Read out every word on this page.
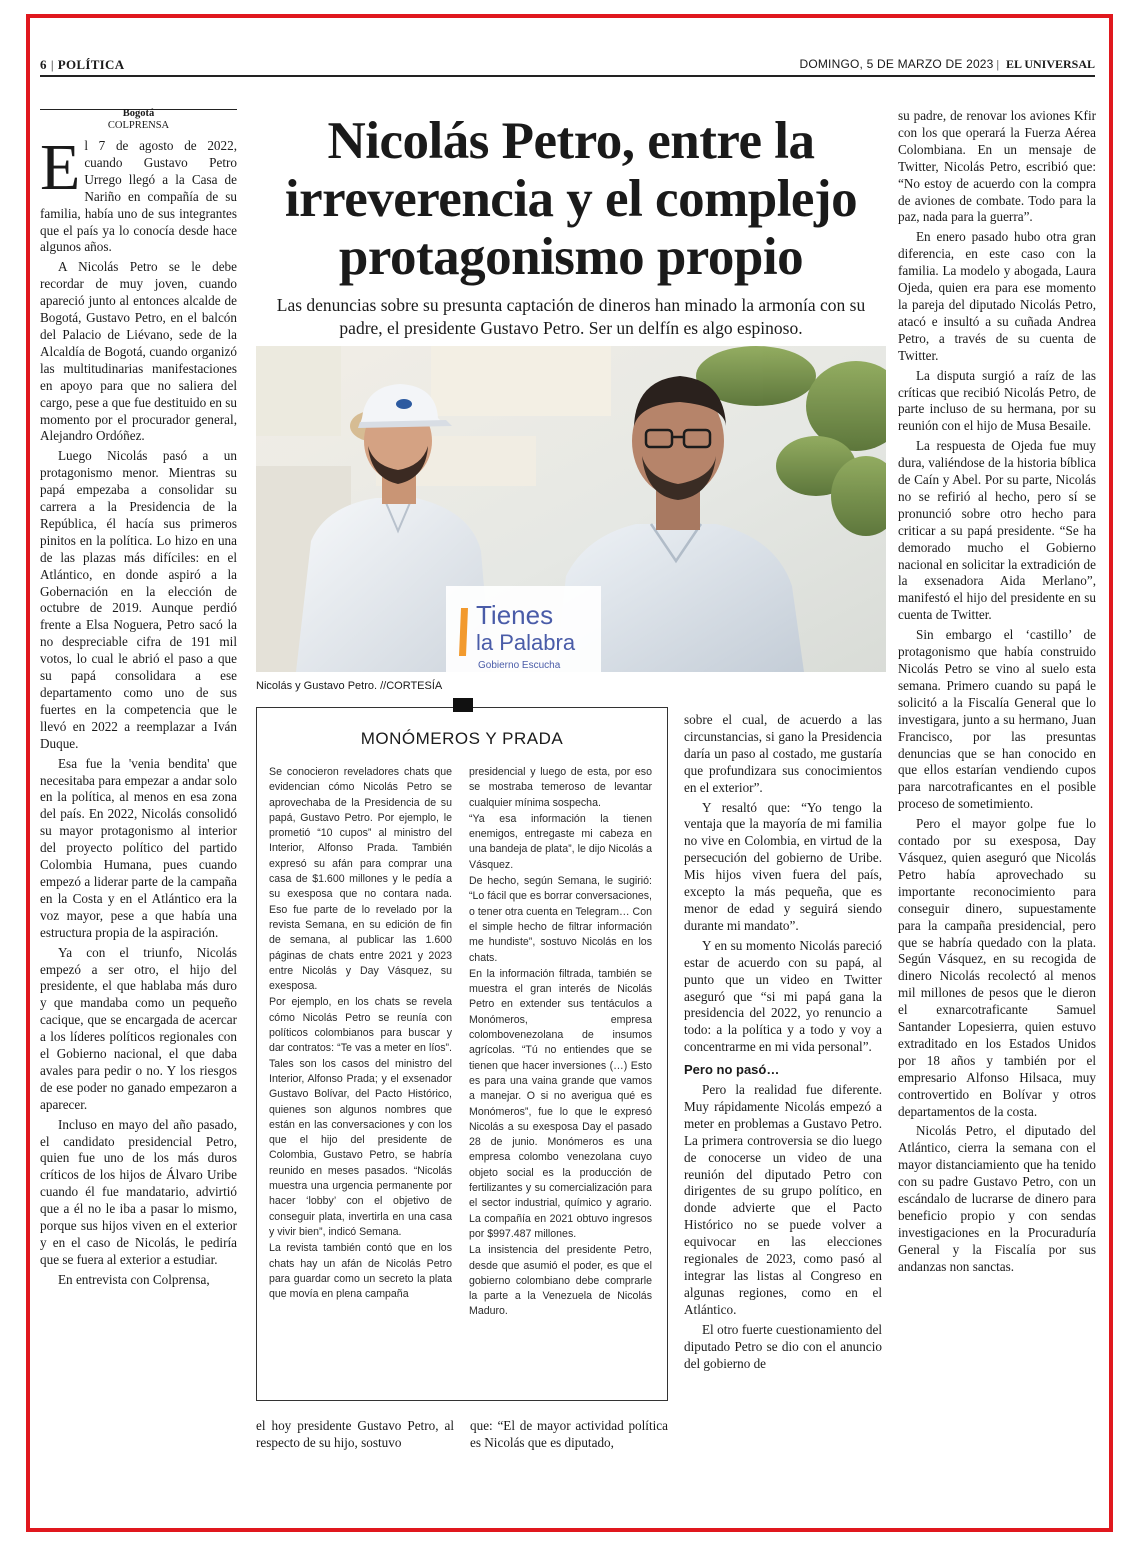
6 | POLÍTICA	DOMINGO, 5 DE MARZO DE 2023 | EL UNIVERSAL
Bogotá
COLPRENSA

El 7 de agosto de 2022, cuando Gustavo Petro Urrego llegó a la Casa de Nariño en compañía de su familia, había uno de sus integrantes que el país ya lo conocía desde hace algunos años.

A Nicolás Petro se le debe recordar de muy joven, cuando apareció junto al entonces alcalde de Bogotá, Gustavo Petro, en el balcón del Palacio de Liévano, sede de la Alcaldía de Bogotá, cuando organizó las multitudinarias manifestaciones en apoyo para que no saliera del cargo, pese a que fue destituido en su momento por el procurador general, Alejandro Ordóñez.

Luego Nicolás pasó a un protagonismo menor. Mientras su papá empezaba a consolidar su carrera a la Presidencia de la República, él hacía sus primeros pinitos en la política. Lo hizo en una de las plazas más difíciles: en el Atlántico, en donde aspiró a la Gobernación en la elección de octubre de 2019. Aunque perdió frente a Elsa Noguera, Petro sacó la no despreciable cifra de 191 mil votos, lo cual le abrió el paso a que su papá consolidara a ese departamento como uno de sus fuertes en la competencia que le llevó en 2022 a reemplazar a Iván Duque.

Esa fue la 'venia bendita' que necesitaba para empezar a andar solo en la política, al menos en esa zona del país. En 2022, Nicolás consolidó su mayor protagonismo al interior del proyecto político del partido Colombia Humana, pues cuando empezó a liderar parte de la campaña en la Costa y en el Atlántico era la voz mayor, pese a que había una estructura propia de la aspiración.

Ya con el triunfo, Nicolás empezó a ser otro, el hijo del presidente, el que hablaba más duro y que mandaba como un pequeño cacique, que se encargada de acercar a los líderes políticos regionales con el Gobierno nacional, el que daba avales para pedir o no. Y los riesgos de ese poder no ganado empezaron a aparecer.

Incluso en mayo del año pasado, el candidato presidencial Petro, quien fue uno de los más duros críticos de los hijos de Álvaro Uribe cuando él fue mandatario, advirtió que a él no le iba a pasar lo mismo, porque sus hijos viven en el exterior y en el caso de Nicolás, le pediría que se fuera al exterior a estudiar.

En entrevista con Colprensa,

Nicolás Petro, entre la irreverencia y el complejo protagonismo propio
Las denuncias sobre su presunta captación de dineros han minado la armonía con su padre, el presidente Gustavo Petro. Ser un delfín es algo espinoso.
Tienes
la Palabra
Gobierno Escucha
Nicolás y Gustavo Petro. //CORTESÍA
MONÓMEROS Y PRADA

Se conocieron reveladores chats que evidencian cómo Nicolás Petro se aprovechaba de la Presidencia de su papá, Gustavo Petro. Por ejemplo, le prometió “10 cupos” al ministro del Interior, Alfonso Prada. También expresó su afán para comprar una casa de $1.600 millones y le pedía a su exesposa que no contara nada. Eso fue parte de lo revelado por la revista Semana, en su edición de fin de semana, al publicar las 1.600 páginas de chats entre 2021 y 2023 entre Nicolás y Day Vásquez, su exesposa.

Por ejemplo, en los chats se revela cómo Nicolás Petro se reunía con políticos colombianos para buscar y dar contratos: “Te vas a meter en líos”. Tales son los casos del ministro del Interior, Alfonso Prada; y el exsenador Gustavo Bolívar, del Pacto Histórico, quienes son algunos nombres que están en las conversaciones y con los que el hijo del presidente de Colombia, Gustavo Petro, se habría reunido en meses pasados. “Nicolás muestra una urgencia permanente por hacer ‘lobby’ con el objetivo de conseguir plata, invertirla en una casa y vivir bien”, indicó Semana.

La revista también contó que en los chats hay un afán de Nicolás Petro para guardar como un secreto la plata que movía en plena campaña

presidencial y luego de esta, por eso se mostraba temeroso de levantar cualquier mínima sospecha.

“Ya esa información la tienen enemigos, entregaste mi cabeza en una bandeja de plata”, le dijo Nicolás a Vásquez.

De hecho, según Semana, le sugirió: “Lo fácil que es borrar conversaciones, o tener otra cuenta en Telegram… Con el simple hecho de filtrar información me hundiste”, sostuvo Nicolás en los chats.

En la información filtrada, también se muestra el gran interés de Nicolás Petro en extender sus tentáculos a Monómeros, empresa colombovenezolana de insumos agrícolas. “Tú no entiendes que se tienen que hacer inversiones (…) Esto es para una vaina grande que vamos a manejar. O si no averigua qué es Monómeros”, fue lo que le expresó Nicolás a su exesposa Day el pasado 28 de junio. Monómeros es una empresa colombo venezolana cuyo objeto social es la producción de fertilizantes y su comercialización para el sector industrial, químico y agrario. La compañía en 2021 obtuvo ingresos por $997.487 millones.

La insistencia del presidente Petro, desde que asumió el poder, es que el gobierno colombiano debe comprarle la parte a la Venezuela de Nicolás Maduro.

el hoy presidente Gustavo Petro, al respecto de su hijo, sostuvo

que: “El de mayor actividad política es Nicolás que es diputado,

sobre el cual, de acuerdo a las circunstancias, si gano la Presidencia daría un paso al costado, me gustaría que profundizara sus conocimientos en el exterior”.

Y resaltó que: “Yo tengo la ventaja que la mayoría de mi familia no vive en Colombia, en virtud de la persecución del gobierno de Uribe. Mis hijos viven fuera del país, excepto la más pequeña, que es menor de edad y seguirá siendo durante mi mandato”.

Y en su momento Nicolás pareció estar de acuerdo con su papá, al punto que un video en Twitter aseguró que “si mi papá gana la presidencia del 2022, yo renuncio a todo: a la política y a todo y voy a concentrarme en mi vida personal”.

Pero no pasó…

Pero la realidad fue diferente. Muy rápidamente Nicolás empezó a meter en problemas a Gustavo Petro. La primera controversia se dio luego de conocerse un video de una reunión del diputado Petro con dirigentes de su grupo político, en donde advierte que el Pacto Histórico no se puede volver a equivocar en las elecciones regionales de 2023, como pasó al integrar las listas al Congreso en algunas regiones, como en el Atlántico.

El otro fuerte cuestionamiento del diputado Petro se dio con el anuncio del gobierno de

su padre, de renovar los aviones Kfir con los que operará la Fuerza Aérea Colombiana. En un mensaje de Twitter, Nicolás Petro, escribió que: “No estoy de acuerdo con la compra de aviones de combate. Todo para la paz, nada para la guerra”.

En enero pasado hubo otra gran diferencia, en este caso con la familia. La modelo y abogada, Laura Ojeda, quien era para ese momento la pareja del diputado Nicolás Petro, atacó e insultó a su cuñada Andrea Petro, a través de su cuenta de Twitter.

La disputa surgió a raíz de las críticas que recibió Nicolás Petro, de parte incluso de su hermana, por su reunión con el hijo de Musa Besaile.

La respuesta de Ojeda fue muy dura, valiéndose de la historia bíblica de Caín y Abel. Por su parte, Nicolás no se refirió al hecho, pero sí se pronunció sobre otro hecho para criticar a su papá presidente. “Se ha demorado mucho el Gobierno nacional en solicitar la extradición de la exsenadora Aida Merlano”, manifestó el hijo del presidente en su cuenta de Twitter.

Sin embargo el ‘castillo’ de protagonismo que había construido Nicolás Petro se vino al suelo esta semana. Primero cuando su papá le solicitó a la Fiscalía General que lo investigara, junto a su hermano, Juan Francisco, por las presuntas denuncias que se han conocido en que ellos estarían vendiendo cupos para narcotraficantes en el posible proceso de sometimiento.

Pero el mayor golpe fue lo contado por su exesposa, Day Vásquez, quien aseguró que Nicolás Petro había aprovechado su importante reconocimiento para conseguir dinero, supuestamente para la campaña presidencial, pero que se habría quedado con la plata. Según Vásquez, en su recogida de dinero Nicolás recolectó al menos mil millones de pesos que le dieron el exnarcotraficante Samuel Santander Lopesierra, quien estuvo extraditado en los Estados Unidos por 18 años y también por el empresario Alfonso Hilsaca, muy controvertido en Bolívar y otros departamentos de la costa.

Nicolás Petro, el diputado del Atlántico, cierra la semana con el mayor distanciamiento que ha tenido con su padre Gustavo Petro, con un escándalo de lucrarse de dinero para beneficio propio y con sendas investigaciones en la Procuraduría General y la Fiscalía por sus andanzas non sanctas.
